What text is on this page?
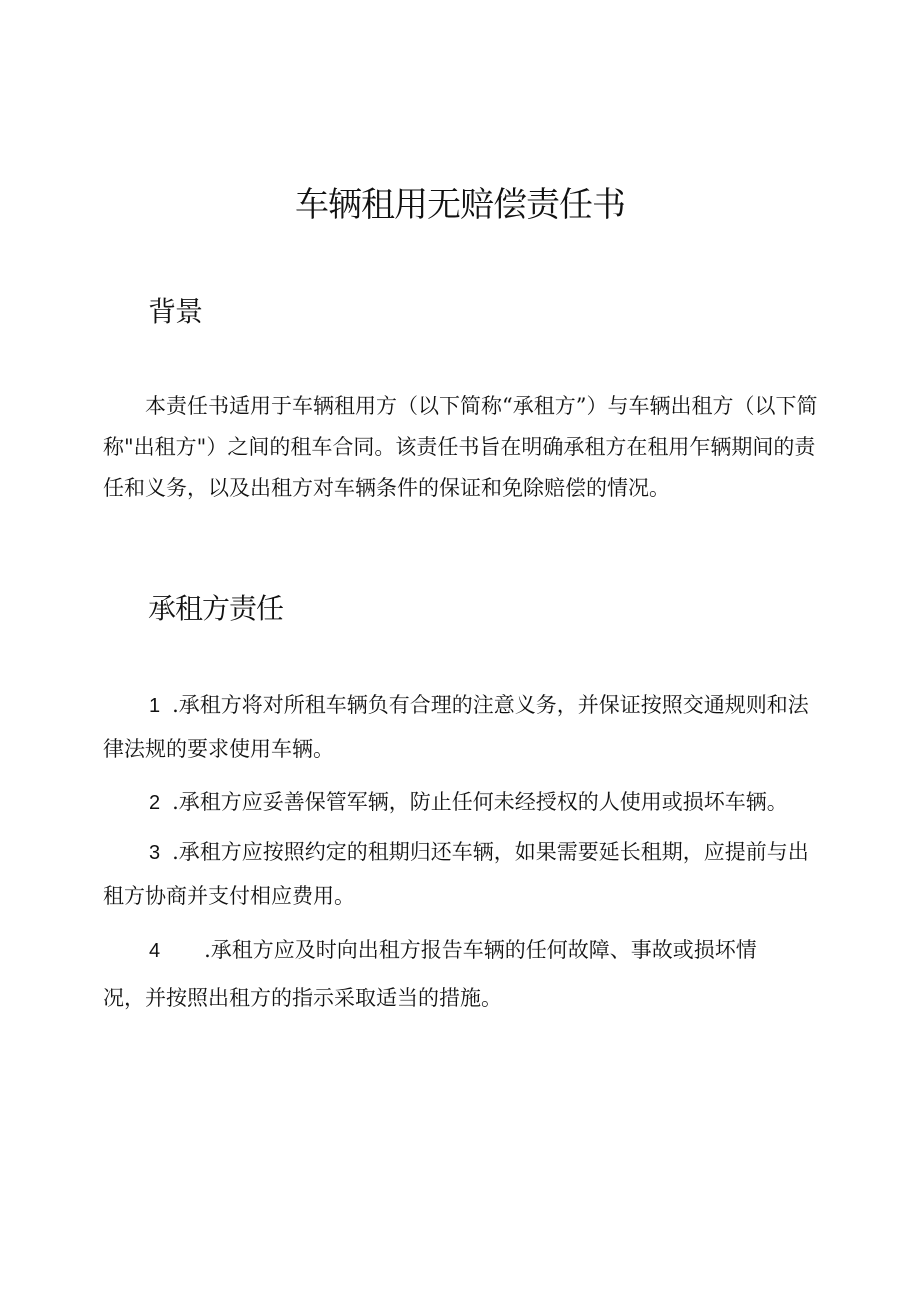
车辆租用无赔偿责任书
背景

本责任书适用于车辆租用方（以下简称“承租方”）与车辆出租方（以下简称"出租方"）之间的租车合同。该责任书旨在明确承租方在租用乍辆期间的责任和义务，以及出租方对车辆条件的保证和免除赔偿的情况。

承租方责任

1 .承租方将对所租车辆负有合理的注意义务，并保证按照交通规则和法律法规的要求使用车辆。

2 .承租方应妥善保管军辆，防止任何未经授权的人使用或损坏车辆。

3 .承租方应按照约定的租期归还车辆，如果需要延长租期，应提前与出租方协商并支付相应费用。

4 .承租方应及时向出租方报告车辆的任何故障、事故或损坏情况，并按照出租方的指示采取适当的措施。
